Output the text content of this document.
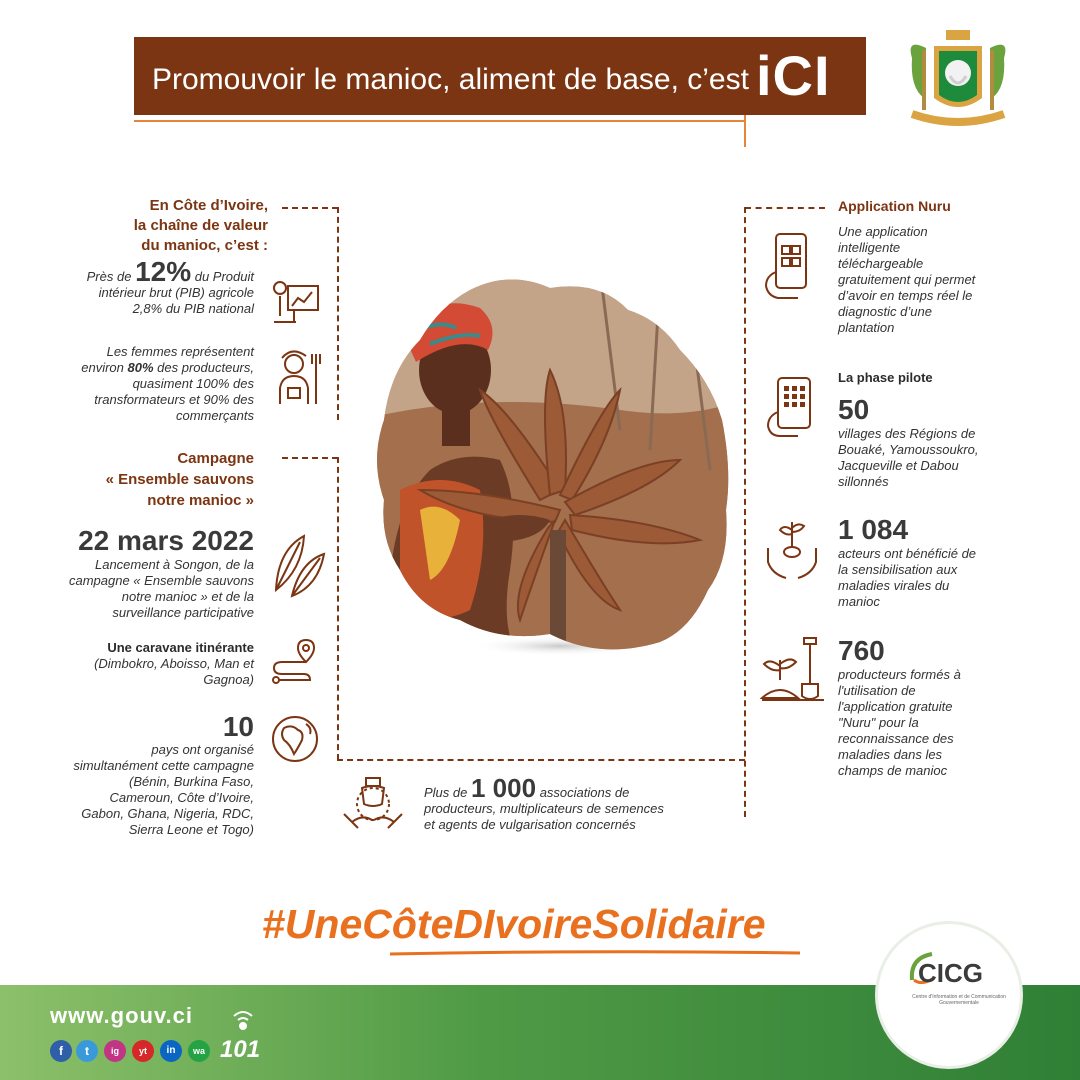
Promouvoir le manioc, aliment de base, c’est iCI
En Côte d’Ivoire,
la chaîne de valeur
du manioc, c’est :
Près de 12% du Produit
intérieur brut (PIB) agricole
2,8% du PIB national
Les femmes représentent
environ 80% des producteurs,
quasiment 100% des
transformateurs et 90% des
commerçants
Campagne
« Ensemble sauvons
notre manioc »
22 mars 2022
Lancement à Songon, de la
campagne « Ensemble sauvons
notre manioc » et de la
surveillance participative
Une caravane itinérante
(Dimbokro, Aboisso, Man et
Gagnoa)
10
pays ont organisé
simultanément cette campagne
(Bénin, Burkina Faso,
Cameroun, Côte d’Ivoire,
Gabon, Ghana, Nigeria, RDC,
Sierra Leone et Togo)
Application Nuru
Une application
intelligente
téléchargeable
gratuitement qui permet
d’avoir en temps réel le
diagnostic d’une
plantation
La phase pilote
50
villages des Régions de
Bouaké, Yamoussoukro,
Jacqueville et Dabou
sillonnés
1 084
acteurs ont bénéficié de
la sensibilisation aux
maladies virales du
manioc
760
producteurs formés à
l'utilisation de
l'application gratuite
"Nuru" pour la
reconnaissance des
maladies dans les
champs de manioc
Plus de 1 000 associations de
producteurs, multiplicateurs de semences
et agents de vulgarisation concernés
#UneCôteDIvoireSolidaire
www.gouv.ci
f	t	ig	yt	in	wa 101
CICG
Centre d'Information et de Communication Gouvernementale
